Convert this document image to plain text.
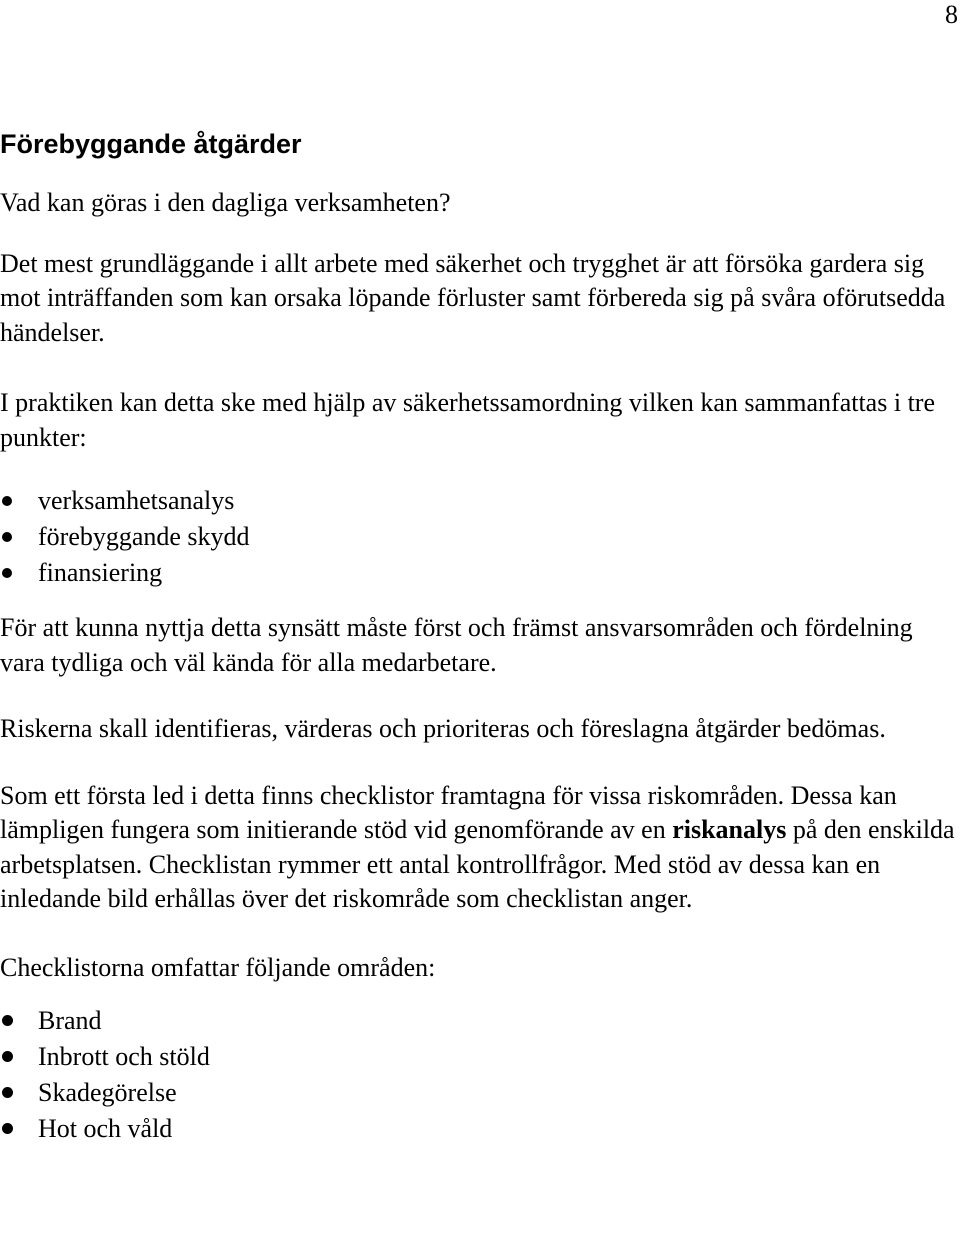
8
Förebyggande åtgärder

Vad kan göras i den dagliga verksamheten?

Det mest grundläggande i allt arbete med säkerhet och trygghet är att försöka gardera sig mot inträffanden som kan orsaka löpande förluster samt förbereda sig på svåra oförutsedda händelser.

I praktiken kan detta ske med hjälp av säkerhetssamordning vilken kan sammanfattas i tre punkter:

verksamhetsanalys
förebyggande skydd
finansiering

För att kunna nyttja detta synsätt måste först och främst ansvarsområden och fördelning vara tydliga och väl kända för alla medarbetare.

Riskerna skall identifieras, värderas och prioriteras och föreslagna åtgärder bedömas.

Som ett första led i detta finns checklistor framtagna för vissa riskområden. Dessa kan lämpligen fungera som initierande stöd vid genomförande av en riskanalys på den enskilda arbetsplatsen. Checklistan rymmer ett antal kontrollfrågor. Med stöd av dessa kan en inledande bild erhållas över det riskområde som checklistan anger.

Checklistorna omfattar följande områden:

Brand
Inbrott och stöld
Skadegörelse
Hot och våld
